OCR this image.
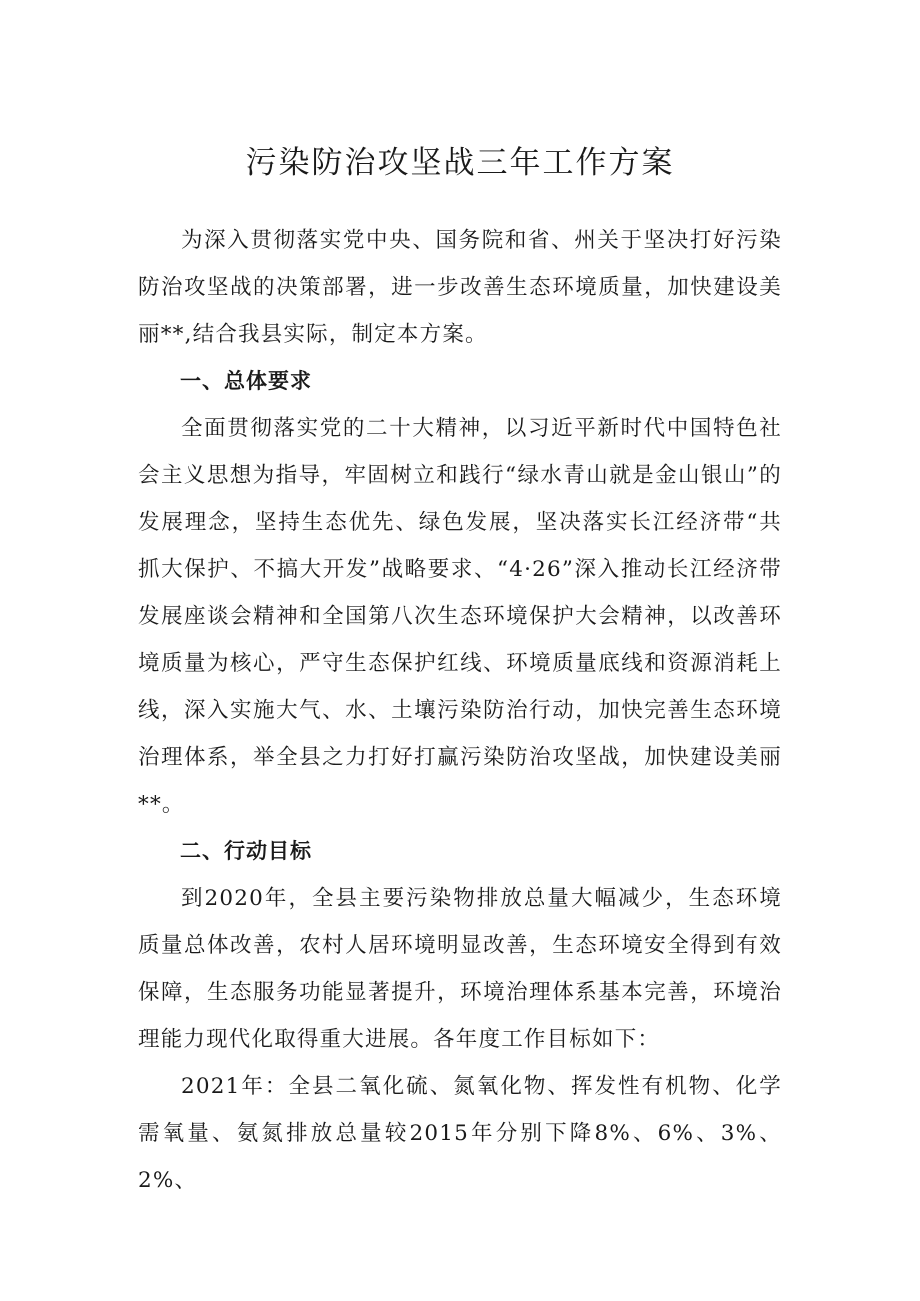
污染防治攻坚战三年工作方案

为深入贯彻落实党中央、国务院和省、州关于坚决打好污染防治攻坚战的决策部署，进一步改善生态环境质量，加快建设美丽**,结合我县实际，制定本方案。

一、总体要求

全面贯彻落实党的二十大精神，以习近平新时代中国特色社会主义思想为指导，牢固树立和践行“绿水青山就是金山银山”的发展理念，坚持生态优先、绿色发展，坚决落实长江经济带“共抓大保护、不搞大开发”战略要求、“4·26”深入推动长江经济带发展座谈会精神和全国第八次生态环境保护大会精神，以改善环境质量为核心，严守生态保护红线、环境质量底线和资源消耗上线，深入实施大气、水、土壤污染防治行动，加快完善生态环境治理体系，举全县之力打好打赢污染防治攻坚战，加快建设美丽**。

二、行动目标

到2020年，全县主要污染物排放总量大幅减少，生态环境质量总体改善，农村人居环境明显改善，生态环境安全得到有效保障，生态服务功能显著提升，环境治理体系基本完善，环境治理能力现代化取得重大进展。各年度工作目标如下：

2021年：全县二氧化硫、氮氧化物、挥发性有机物、化学需氧量、氨氮排放总量较2015年分别下降8%、6%、3%、2%、
